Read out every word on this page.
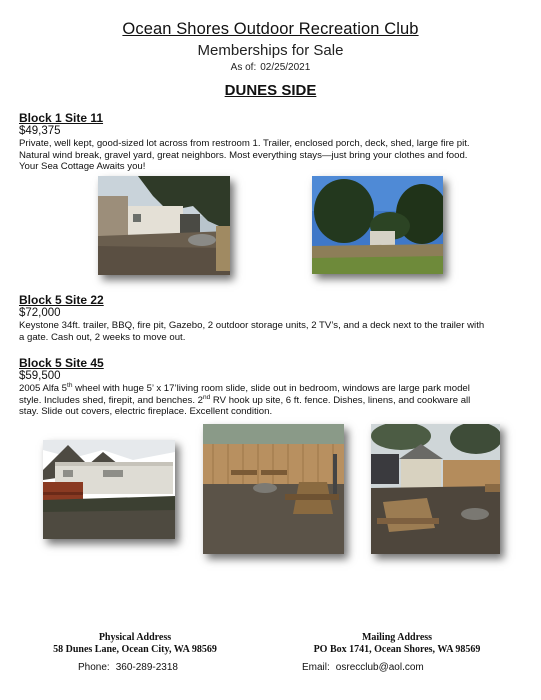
Ocean Shores Outdoor Recreation Club
Memberships for Sale
As of: 02/25/2021
DUNES SIDE
Block 1 Site 11
$49,375
Private, well kept, good-sized lot across from restroom 1. Trailer, enclosed porch, deck, shed, large fire pit. Natural wind break, gravel yard, great neighbors. Most everything stays—just bring your clothes and food. Your Sea Cottage Awaits you!
Block 5 Site 22
$72,000
Keystone 34ft. trailer, BBQ, fire pit, Gazebo, 2 outdoor storage units, 2 TV’s, and a deck next to the trailer with a gate. Cash out, 2 weeks to move out.
Block 5 Site 45
$59,500
2005 Alfa 5th wheel with huge 5’ x 17’living room slide, slide out in bedroom, windows are large park model style. Includes shed, firepit, and benches. 2nd RV hook up site, 6 ft. fence. Dishes, linens, and cookware all stay. Slide out covers, electric fireplace. Excellent condition.
Physical Address
58 Dunes Lane, Ocean City, WA 98569
Mailing Address
PO Box 1741, Ocean Shores, WA 98569
Phone: 360-289-2318	Email: osrecclub@aol.com
